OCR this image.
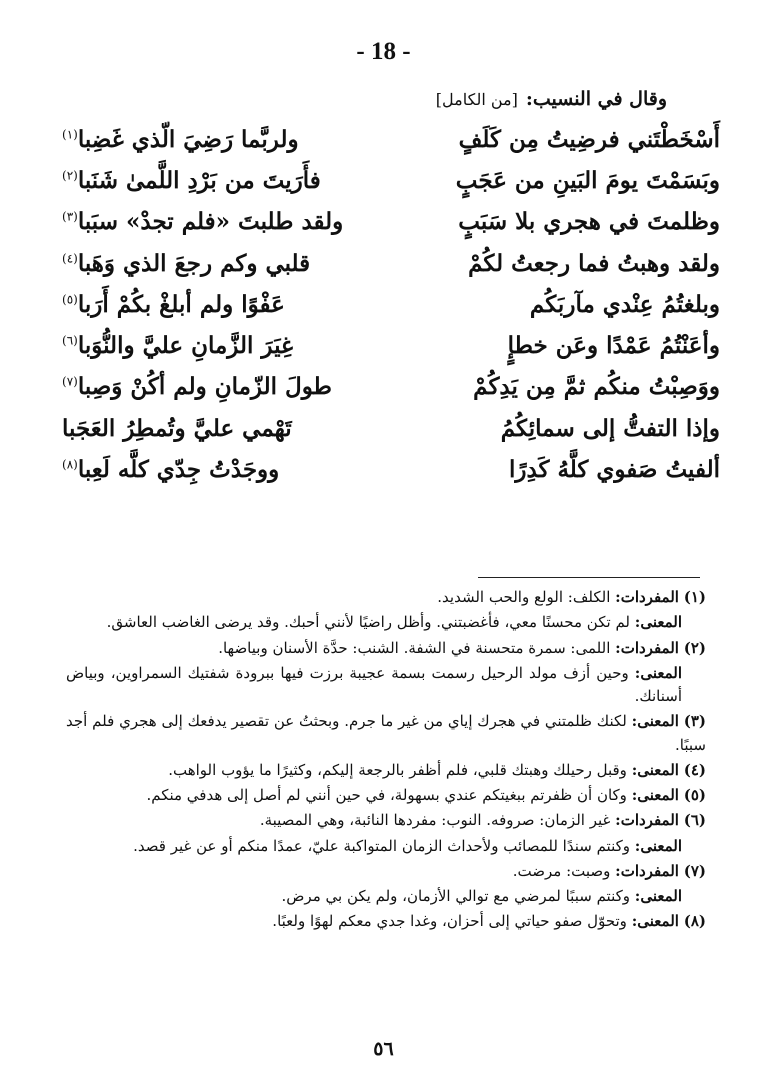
- 18 -
وقال في النسيب:[من الكامل]
أَسْخَطْتَني فرضِيتُ مِن كَلَفٍ
ولربَّما رَضِيَ الّذي غَضِبا$^{(١)}$
وبَسَمْتَ يومَ البَينِ من عَجَبٍ
فأَرَيتَ من بَرْدِ اللَّمىٰ شَنَبا$^{(٢)}$
وظلمتَ في هجري بلا سَبَبٍ
ولقد طلبتَ «فلم تجدْ» سبَبا$^{(٣)}$
ولقد وهبتُ فما رجعتُ لكُمْ
قلبي وكم رجعَ الذي وَهَبا$^{(٤)}$
وبلغتُمُ عِنْدي مآربَكُم
عَفْوًا ولم أبلغْ بكُمْ أَرَبا$^{(٥)}$
وأعَنْتُمُ عَمْدًا وعَن خطإٍ
غِيَرَ الزَّمانِ عليَّ والنُّوَبا$^{(٦)}$
ووَصِبْتُ منكُم ثمَّ مِن يَدِكُمْ
طولَ الزّمانِ ولم أكُنْ وَصِبا$^{(٧)}$
وإذا التفتُّ إلى سمائِكُمُ
تَهْمي عليَّ وتُمطِرُ العَجَبا
ألفيتُ صَفوي كلَّهُ كَدِرًا
ووجَدْتُ جِدّي كلَّه لَعِبا$^{(٨)}$

(١) المفردات: الكلف: الولع والحب الشديد.

المعنى: لم تكن محسنًا معي، فأغضبتني. وأظل راضيًا لأنني أحبك. وقد يرضى الغاضب العاشق.

(٢) المفردات: اللمى: سمرة متحسنة في الشفة. الشنب: حدَّة الأسنان وبياضها.

المعنى: وحين أزف مولد الرحيل رسمت بسمة عجيبة برزت فيها ببرودة شفتيك السمراوين، وبياض أسنانك.

(٣) المعنى: لكنك ظلمتني في هجرك إياي من غير ما جرم. وبحثتُ عن تقصير يدفعك إلى هجري فلم أجد سببًا.

(٤) المعنى: وقبل رحيلك وهبتك قلبي، فلم أظفر بالرجعة إليكم، وكثيرًا ما يؤوب الواهب.

(٥) المعنى: وكان أن ظفرتم ببغيتكم عندي بسهولة، في حين أنني لم أصل إلى هدفي منكم.

(٦) المفردات: غير الزمان: صروفه. النوب: مفردها النائبة، وهي المصيبة.

المعنى: وكنتم سندًا للمصائب ولأحداث الزمان المتواكبة عليّ، عمدًا منكم أو عن غير قصد.

(٧) المفردات: وصبت: مرضت.

المعنى: وكنتم سببًا لمرضي مع توالي الأزمان، ولم يكن بي مرض.

(٨) المعنى: وتحوّل صفو حياتي إلى أحزان، وغدا جدي معكم لهوًا ولعبًا.

٥٦
